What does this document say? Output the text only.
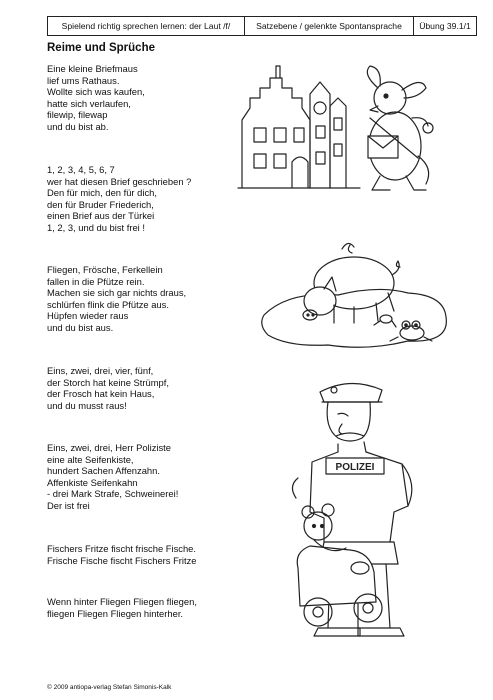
Spielend richtig sprechen lernen: der Laut /f/	Satzebene / gelenkte Spontansprache	Übung 39.1/1
Reime und Sprüche
Eine kleine Briefmaus
lief ums Rathaus.
Wollte sich was kaufen,
hatte sich verlaufen,
filewip, filewap
und du bist ab.
1, 2, 3, 4, 5, 6, 7
wer hat diesen Brief geschrieben ?
Den für mich, den für dich,
den für Bruder Friederich,
einen Brief aus der Türkei
1, 2, 3, und du bist frei !
Fliegen, Frösche, Ferkellein
fallen in die Pfütze rein.
Machen sie sich gar nichts draus,
schlürfen flink die Pfütze aus.
Hüpfen wieder raus
und du bist aus.
Eins, zwei, drei, vier, fünf,
der Storch hat keine Strümpf,
der Frosch hat kein Haus,
und du musst raus!
Eins, zwei, drei, Herr Poliziste
eine alte Seifenkiste,
hundert Sachen Affenzahn.
Affenkiste Seifenkahn
- drei Mark Strafe, Schweinerei!
Der ist frei
Fischers Fritze fischt frische Fische.
Frische Fische fischt Fischers Fritze
Wenn hinter Fliegen Fliegen fliegen,
fliegen Fliegen Fliegen hinterher.
POLIZEI
© 2009 antiopa-verlag Stefan Simonis-Kalk
